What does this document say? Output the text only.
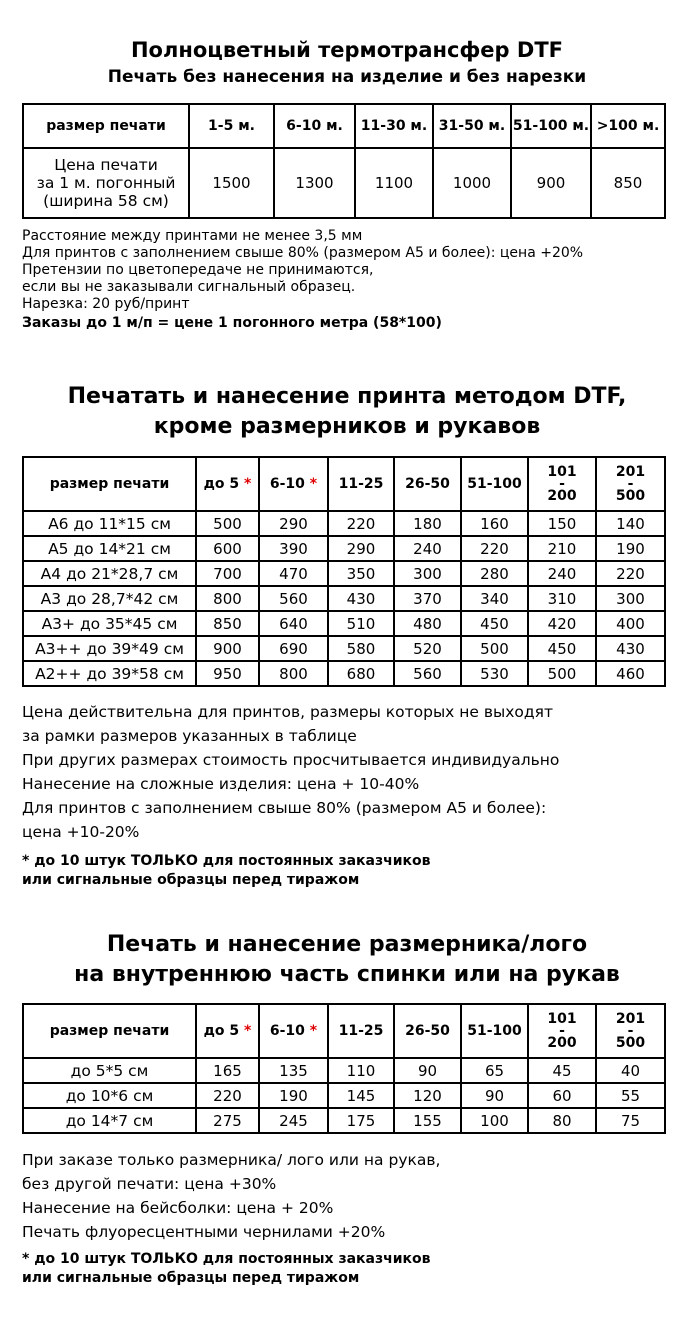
Полноцветный термотрансфер DTF
Печать без нанесения на изделие и без нарезки
размер печати	1-5 м.	6-10 м.	11-30 м.	31-50 м.	51-100 м.	>100 м.

Цена печати
за 1 м. погонный
(ширина 58 см)	1500	1300	1100	1000	900	850
Расстояние между принтами не менее 3,5 мм
Для принтов с заполнением свыше 80% (размером А5 и более): цена +20%
Претензии по цветопередаче не принимаются,
если вы не заказывали сигнальный образец.
Нарезка: 20 руб/принт
Заказы до 1 м/п = цене 1 погонного метра (58*100)
Печатать и нанесение принта методом DTF,
кроме размерников и рукавов
размер печати	до 5 *	6-10 *	11-25	26-50	51-100	101
-
200	201
-
500

А6 до 11*15 см	500	290	220	180	160	150	140
А5 до 14*21 см	600	390	290	240	220	210	190
А4 до 21*28,7 см	700	470	350	300	280	240	220
А3 до 28,7*42 см	800	560	430	370	340	310	300
А3+ до 35*45 см	850	640	510	480	450	420	400
А3++ до 39*49 см	900	690	580	520	500	450	430
А2++ до 39*58 см	950	800	680	560	530	500	460
Цена действительна для принтов, размеры которых не выходят
за рамки размеров указанных в таблице
При других размерах стоимость просчитывается индивидуально
Нанесение на сложные изделия: цена + 10-40%
Для принтов с заполнением свыше 80% (размером А5 и более):
цена +10-20%
* до 10 штук ТОЛЬКО для постоянных заказчиков
или сигнальные образцы перед тиражом
Печать и нанесение размерника/лого
на внутреннюю часть спинки или на рукав
размер печати	до 5 *	6-10 *	11-25	26-50	51-100	101
-
200	201
-
500

до 5*5 см	165	135	110	90	65	45	40
до 10*6 см	220	190	145	120	90	60	55
до 14*7 см	275	245	175	155	100	80	75
При заказе только размерника/ лого или на рукав,
без другой печати: цена +30%
Нанесение на бейсболки: цена + 20%
Печать флуоресцентными чернилами +20%
* до 10 штук ТОЛЬКО для постоянных заказчиков
или сигнальные образцы перед тиражом
